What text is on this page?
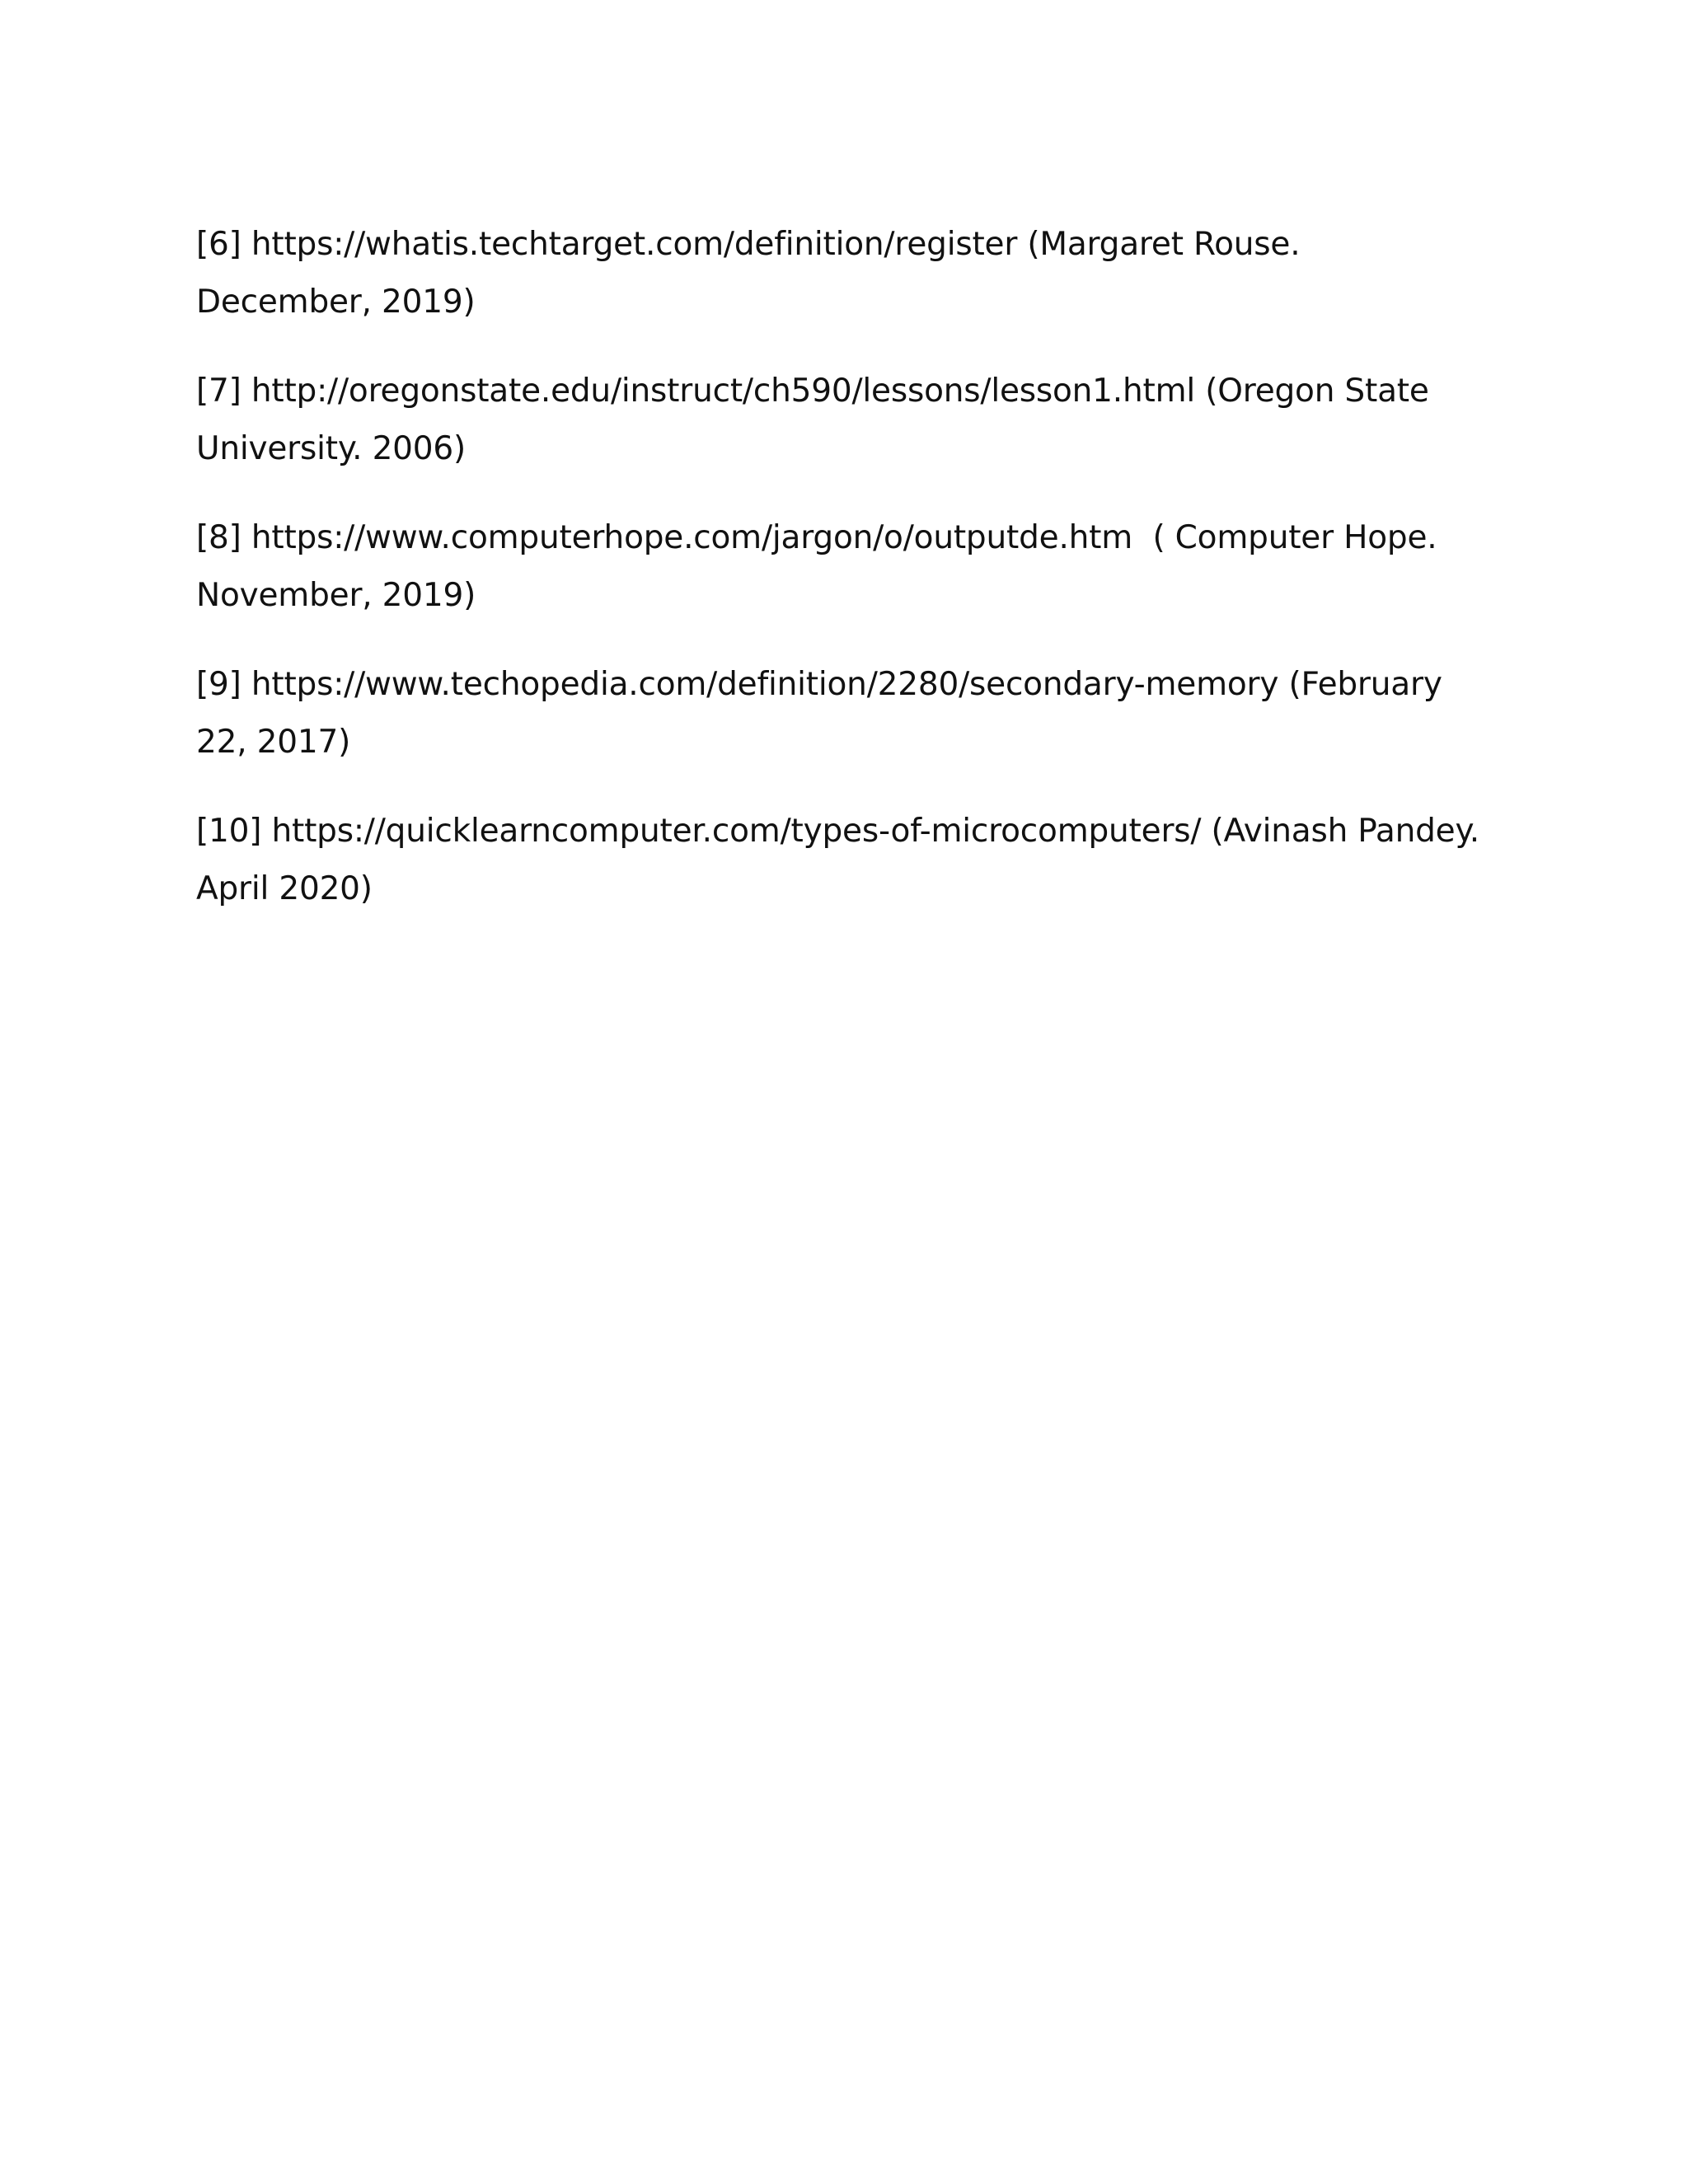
[6] https://whatis.techtarget.com/definition/register (Margaret Rouse. December, 2019)
[7] http://oregonstate.edu/instruct/ch590/lessons/lesson1.html (Oregon State University. 2006)
[8] https://www.computerhope.com/jargon/o/outputde.htm  ( Computer Hope. November, 2019)
[9] https://www.techopedia.com/definition/2280/secondary-memory (February 22, 2017)
[10] https://quicklearncomputer.com/types-of-microcomputers/ (Avinash Pandey. April 2020)
